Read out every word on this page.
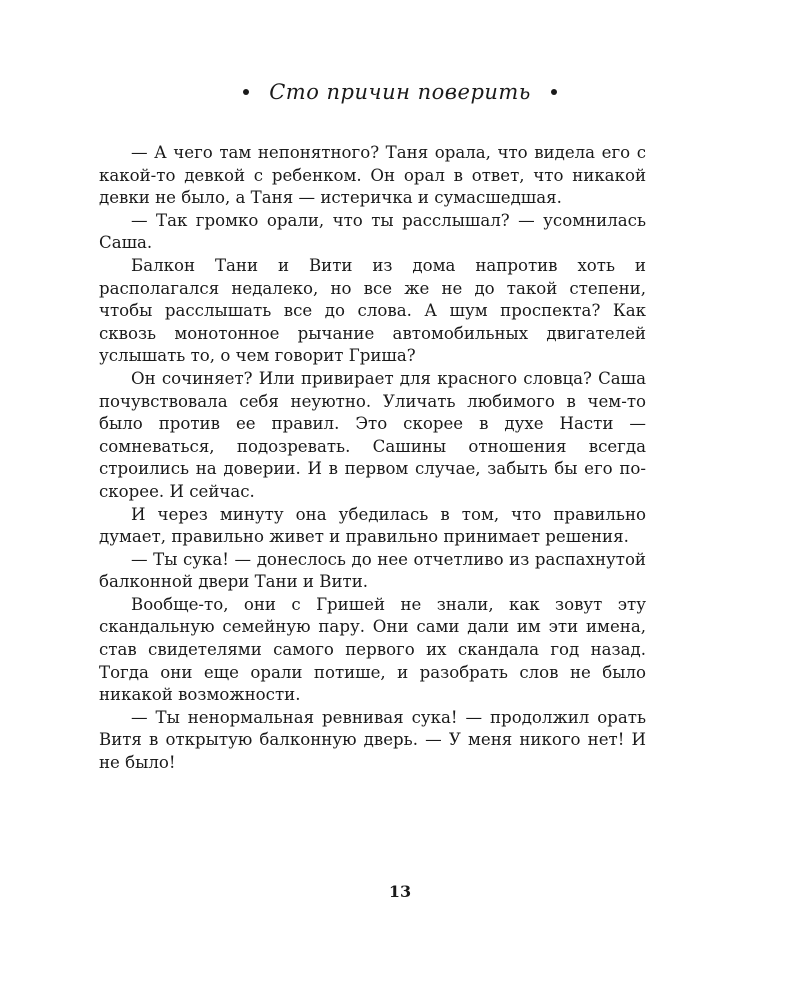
Сто причин поверить

— А чего там непонятного? Таня орала, что видела его с какой-то девкой с ребенком. Он орал в ответ, что никакой девки не было, а Таня — истеричка и сумасшедшая.

— Так громко орали, что ты расслышал? — усомнилась Саша.

Балкон Тани и Вити из дома напротив хоть и располагался недалеко, но все же не до такой степени, чтобы расслышать все до слова. А шум проспекта? Как сквозь монотонное рычание автомобильных двигателей услышать то, о чем говорит Гриша?

Он сочиняет? Или привирает для красного словца? Саша почувствовала себя неуютно. Уличать любимого в чем-то было против ее правил. Это скорее в духе Насти — сомневаться, подозревать. Сашины отношения всегда строились на доверии. И в первом случае, забыть бы его поскорее. И сейчас.

И через минуту она убедилась в том, что правильно думает, правильно живет и правильно принимает решения.

— Ты сука! — донеслось до нее отчетливо из распахнутой балконной двери Тани и Вити.

Вообще-то, они с Гришей не знали, как зовут эту скандальную семейную пару. Они сами дали им эти имена, став свидетелями самого первого их скандала год назад. Тогда они еще орали потише, и разобрать слов не было никакой возможности.

— Ты ненормальная ревнивая сука! — продолжил орать Витя в открытую балконную дверь. — У меня никого нет! И не было!

13
